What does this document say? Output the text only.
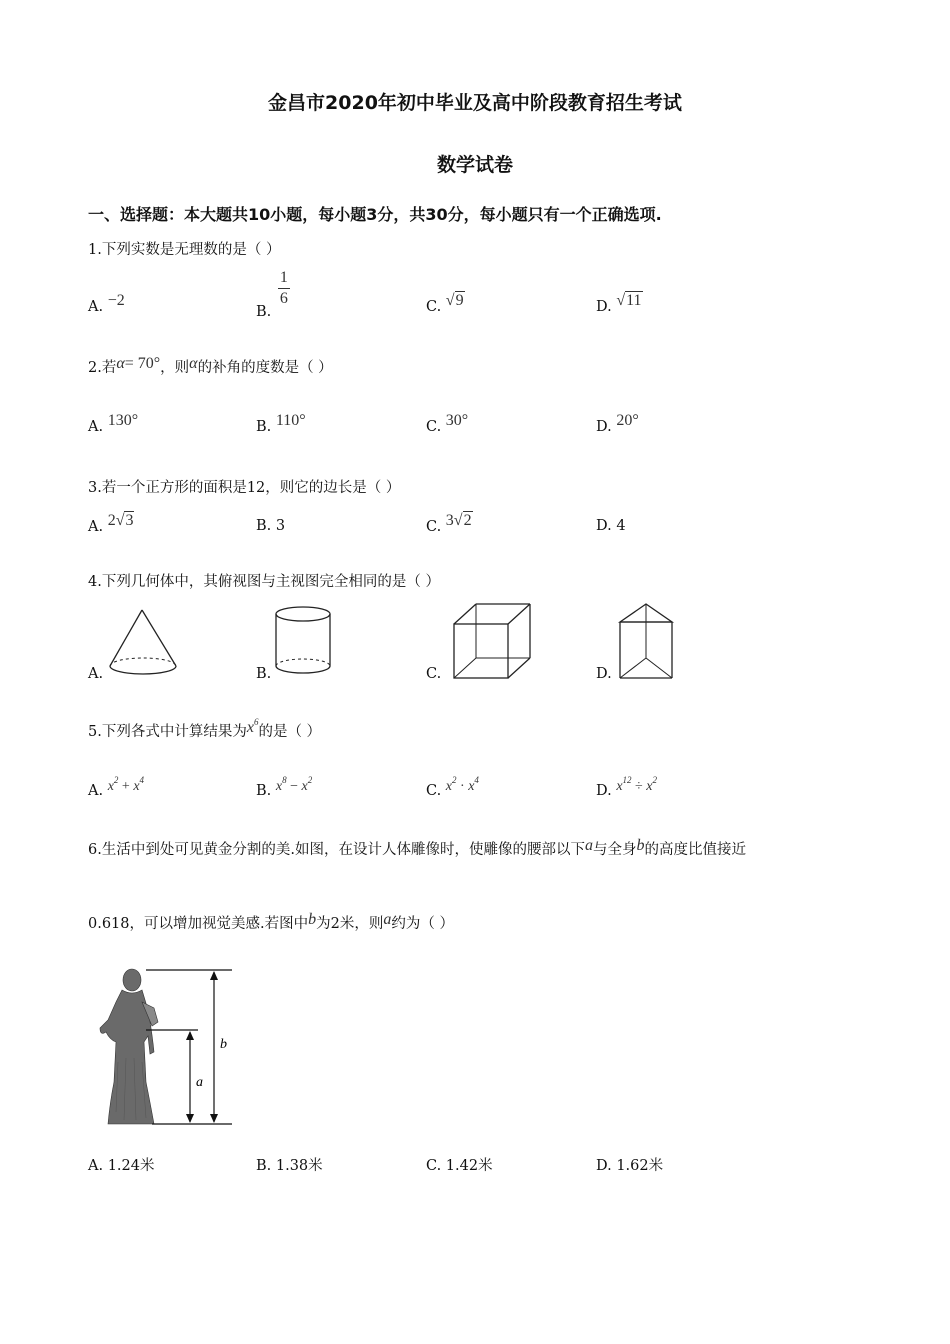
金昌市2020年初中毕业及高中阶段教育招生考试
数学试卷
一、选择题：本大题共10小题，每小题3分，共30分，每小题只有一个正确选项.
1.下列实数是无理数的是（ ）
A. −2
B.
$\frac{1}{6}$	C. √9	D. √11
2.若α= 70°，则α的补角的度数是（ ）
A. 130°	B. 110°	C. 30°	D. 20°
3.若一个正方形的面积是12，则它的边长是（ ）
A. 2√3	B. 3	C. 3√2	D. 4
4.下列几何体中，其俯视图与主视图完全相同的是（ ）
A.	B.	C.	D.
5.下列各式中计算结果为$x^6$的是（ ）
A. $x^2 + x^4$
B. $x^8 - x^2$
C. $x^2 \cdot x^4$
D. $x^{12} \div x^2$
6.生活中到处可见黄金分割的美.如图，在设计人体雕像时，使雕像的腰部以下a与全身b的高度比值接近
0.618，可以增加视觉美感.若图中b为2米，则a约为（ ）
b
a
A. 1.24米	B. 1.38米	C. 1.42米	D. 1.62米
